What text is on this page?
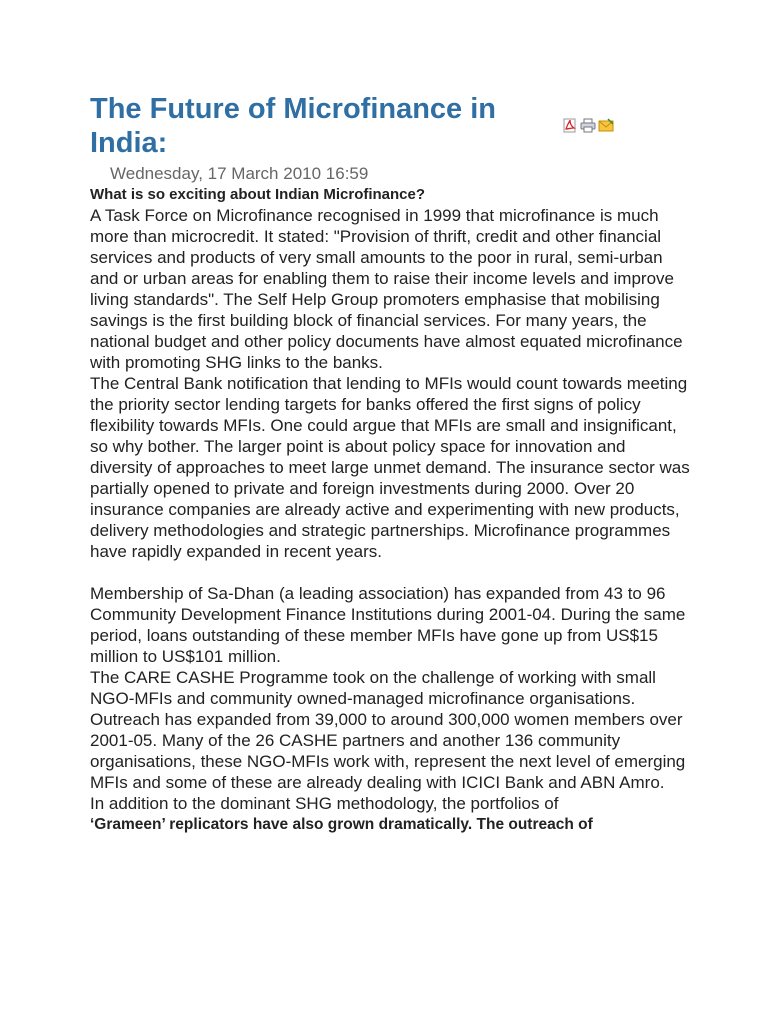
The Future of Microfinance in India:
Wednesday, 17 March 2010 16:59

What is so exciting about Indian Microfinance?

A Task Force on Microfinance recognised in 1999 that microfinance is much more than microcredit. It stated: "Provision of thrift, credit and other financial services and products of very small amounts to the poor in rural, semi-urban and or urban areas for enabling them to raise their income levels and improve living standards". The Self Help Group promoters emphasise that mobilising savings is the first building block of financial services. For many years, the national budget and other policy documents have almost equated microfinance with promoting SHG links to the banks.

The Central Bank notification that lending to MFIs would count towards meeting the priority sector lending targets for banks offered the first signs of policy flexibility towards MFIs. One could argue that MFIs are small and insignificant, so why bother. The larger point is about policy space for innovation and diversity of approaches to meet large unmet demand. The insurance sector was partially opened to private and foreign investments during 2000. Over 20 insurance companies are already active and experimenting with new products, delivery methodologies and strategic partnerships. Microfinance programmes have rapidly expanded in recent years.

Membership of Sa-Dhan (a leading association) has expanded from 43 to 96 Community Development Finance Institutions during 2001-04. During the same period, loans outstanding of these member MFIs have gone up from US$15 million to US$101 million.

The CARE CASHE Programme took on the challenge of working with small NGO-MFIs and community owned-managed microfinance organisations. Outreach has expanded from 39,000 to around 300,000 women members over 2001-05. Many of the 26 CASHE partners and another 136 community organisations, these NGO-MFIs work with, represent the next level of emerging MFIs and some of these are already dealing with ICICI Bank and ABN Amro.

In addition to the dominant SHG methodology, the portfolios of

‘Grameen’ replicators have also grown dramatically. The outreach of
